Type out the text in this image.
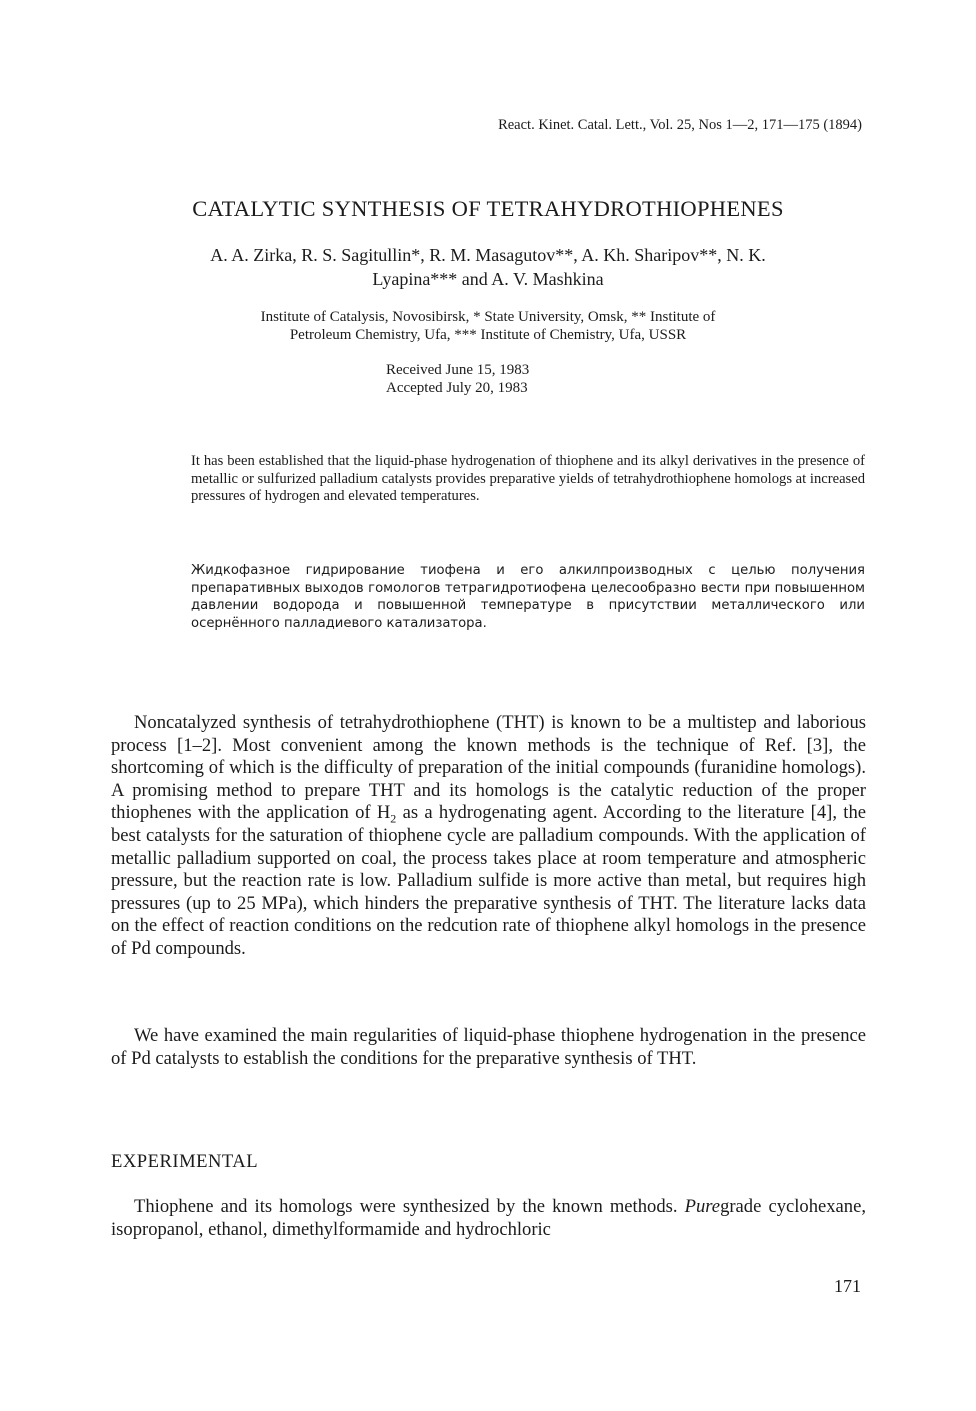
React. Kinet. Catal. Lett., Vol. 25, Nos 1—2, 171—175 (1894)
CATALYTIC SYNTHESIS OF TETRAHYDROTHIOPHENES
A. A. Zirka, R. S. Sagitullin*, R. M. Masagutov**, A. Kh. Sharipov**, N. K.
Lyapina*** and A. V. Mashkina
Institute of Catalysis, Novosibirsk, * State University, Omsk, ** Institute of
Petroleum Chemistry, Ufa, *** Institute of Chemistry, Ufa, USSR
Received June 15, 1983
Accepted July 20, 1983

It has been established that the liquid-phase hydrogenation of thiophene and its alkyl derivatives in the presence of metallic or sulfurized palladium catalysts provides preparative yields of tetrahydrothiophene homologs at increased pressures of hydrogen and elevated temperatures.

Жидкофазное гидрирование тиофена и его алкилпроизводных с целью получения препаративных выходов гомологов тетрагидротиофена целесообразно вести при повышенном давлении водорода и повышенной температуре в присутствии металлического или осернённого палладиевого катализатора.

Noncatalyzed synthesis of tetrahydrothiophene (THT) is known to be a multistep and laborious process [1–2]. Most convenient among the known methods is the technique of Ref. [3], the shortcoming of which is the difficulty of preparation of the initial compounds (furanidine homologs). A promising method to prepare THT and its homologs is the catalytic reduction of the proper thiophenes with the application of $H_2$ as a hydrogenating agent. According to the literature [4], the best catalysts for the saturation of thiophene cycle are palladium compounds. With the application of metallic palladium supported on coal, the process takes place at room temperature and atmospheric pressure, but the reaction rate is low. Palladium sulfide is more active than metal, but requires high pressures (up to 25 MPa), which hinders the preparative synthesis of THT. The literature lacks data on the effect of reaction conditions on the redcution rate of thiophene alkyl homologs in the presence of Pd compounds.

We have examined the main regularities of liquid-phase thiophene hydrogenation in the presence of Pd catalysts to establish the conditions for the preparative synthesis of THT.

EXPERIMENTAL

Thiophene and its homologs were synthesized by the known methods. Puregrade cyclohexane, isopropanol, ethanol, dimethylformamide and hydrochloric

171
